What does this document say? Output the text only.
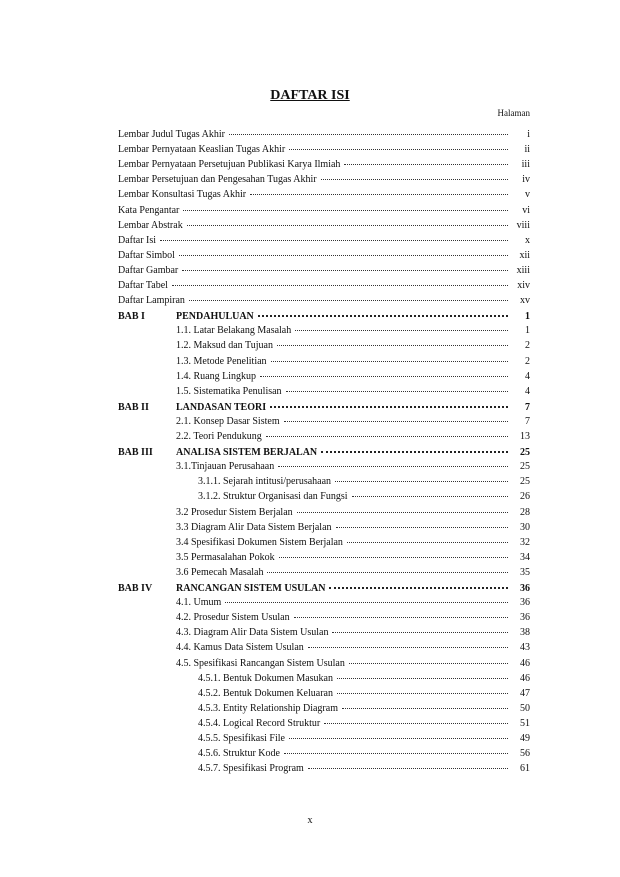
DAFTAR ISI
Halaman
Lembar Judul Tugas Akhir	i
Lembar Pernyataan Keaslian Tugas Akhir	ii
Lembar Pernyataan Persetujuan Publikasi Karya Ilmiah	iii
Lembar Persetujuan dan Pengesahan Tugas Akhir	iv
Lembar Konsultasi Tugas Akhir	v
Kata Pengantar	vi
Lembar Abstrak	viii
Daftar Isi	x
Daftar Simbol	xii
Daftar Gambar	xiii
Daftar Tabel	xiv
Daftar Lampiran	xv
BAB I	PENDAHULUAN	1
1.1. Latar Belakang Masalah	1
1.2. Maksud dan Tujuan	2
1.3. Metode Penelitian	2
1.4. Ruang Lingkup	4
1.5. Sistematika Penulisan	4
BAB II	LANDASAN TEORI	7
2.1. Konsep Dasar Sistem	7
2.2. Teori Pendukung	13
BAB III	ANALISA SISTEM BERJALAN	25
3.1.Tinjauan Perusahaan	25
3.1.1. Sejarah intitusi/perusahaan	25
3.1.2. Struktur Organisasi dan Fungsi	26
3.2 Prosedur Sistem Berjalan	28
3.3 Diagram Alir Data Sistem Berjalan	30
3.4 Spesifikasi Dokumen Sistem Berjalan	32
3.5 Permasalahan Pokok	34
3.6 Pemecah Masalah	35
BAB IV	RANCANGAN SISTEM USULAN	36
4.1. Umum	36
4.2. Prosedur Sistem Usulan	36
4.3. Diagram Alir Data Sistem Usulan	38
4.4. Kamus Data Sistem Usulan	43
4.5. Spesifikasi Rancangan Sistem Usulan	46
4.5.1. Bentuk Dokumen Masukan	46
4.5.2. Bentuk Dokumen Keluaran	47
4.5.3. Entity Relationship Diagram	50
4.5.4. Logical Record Struktur	51
4.5.5. Spesifikasi File	49
4.5.6. Struktur Kode	56
4.5.7. Spesifikasi Program	61
x
